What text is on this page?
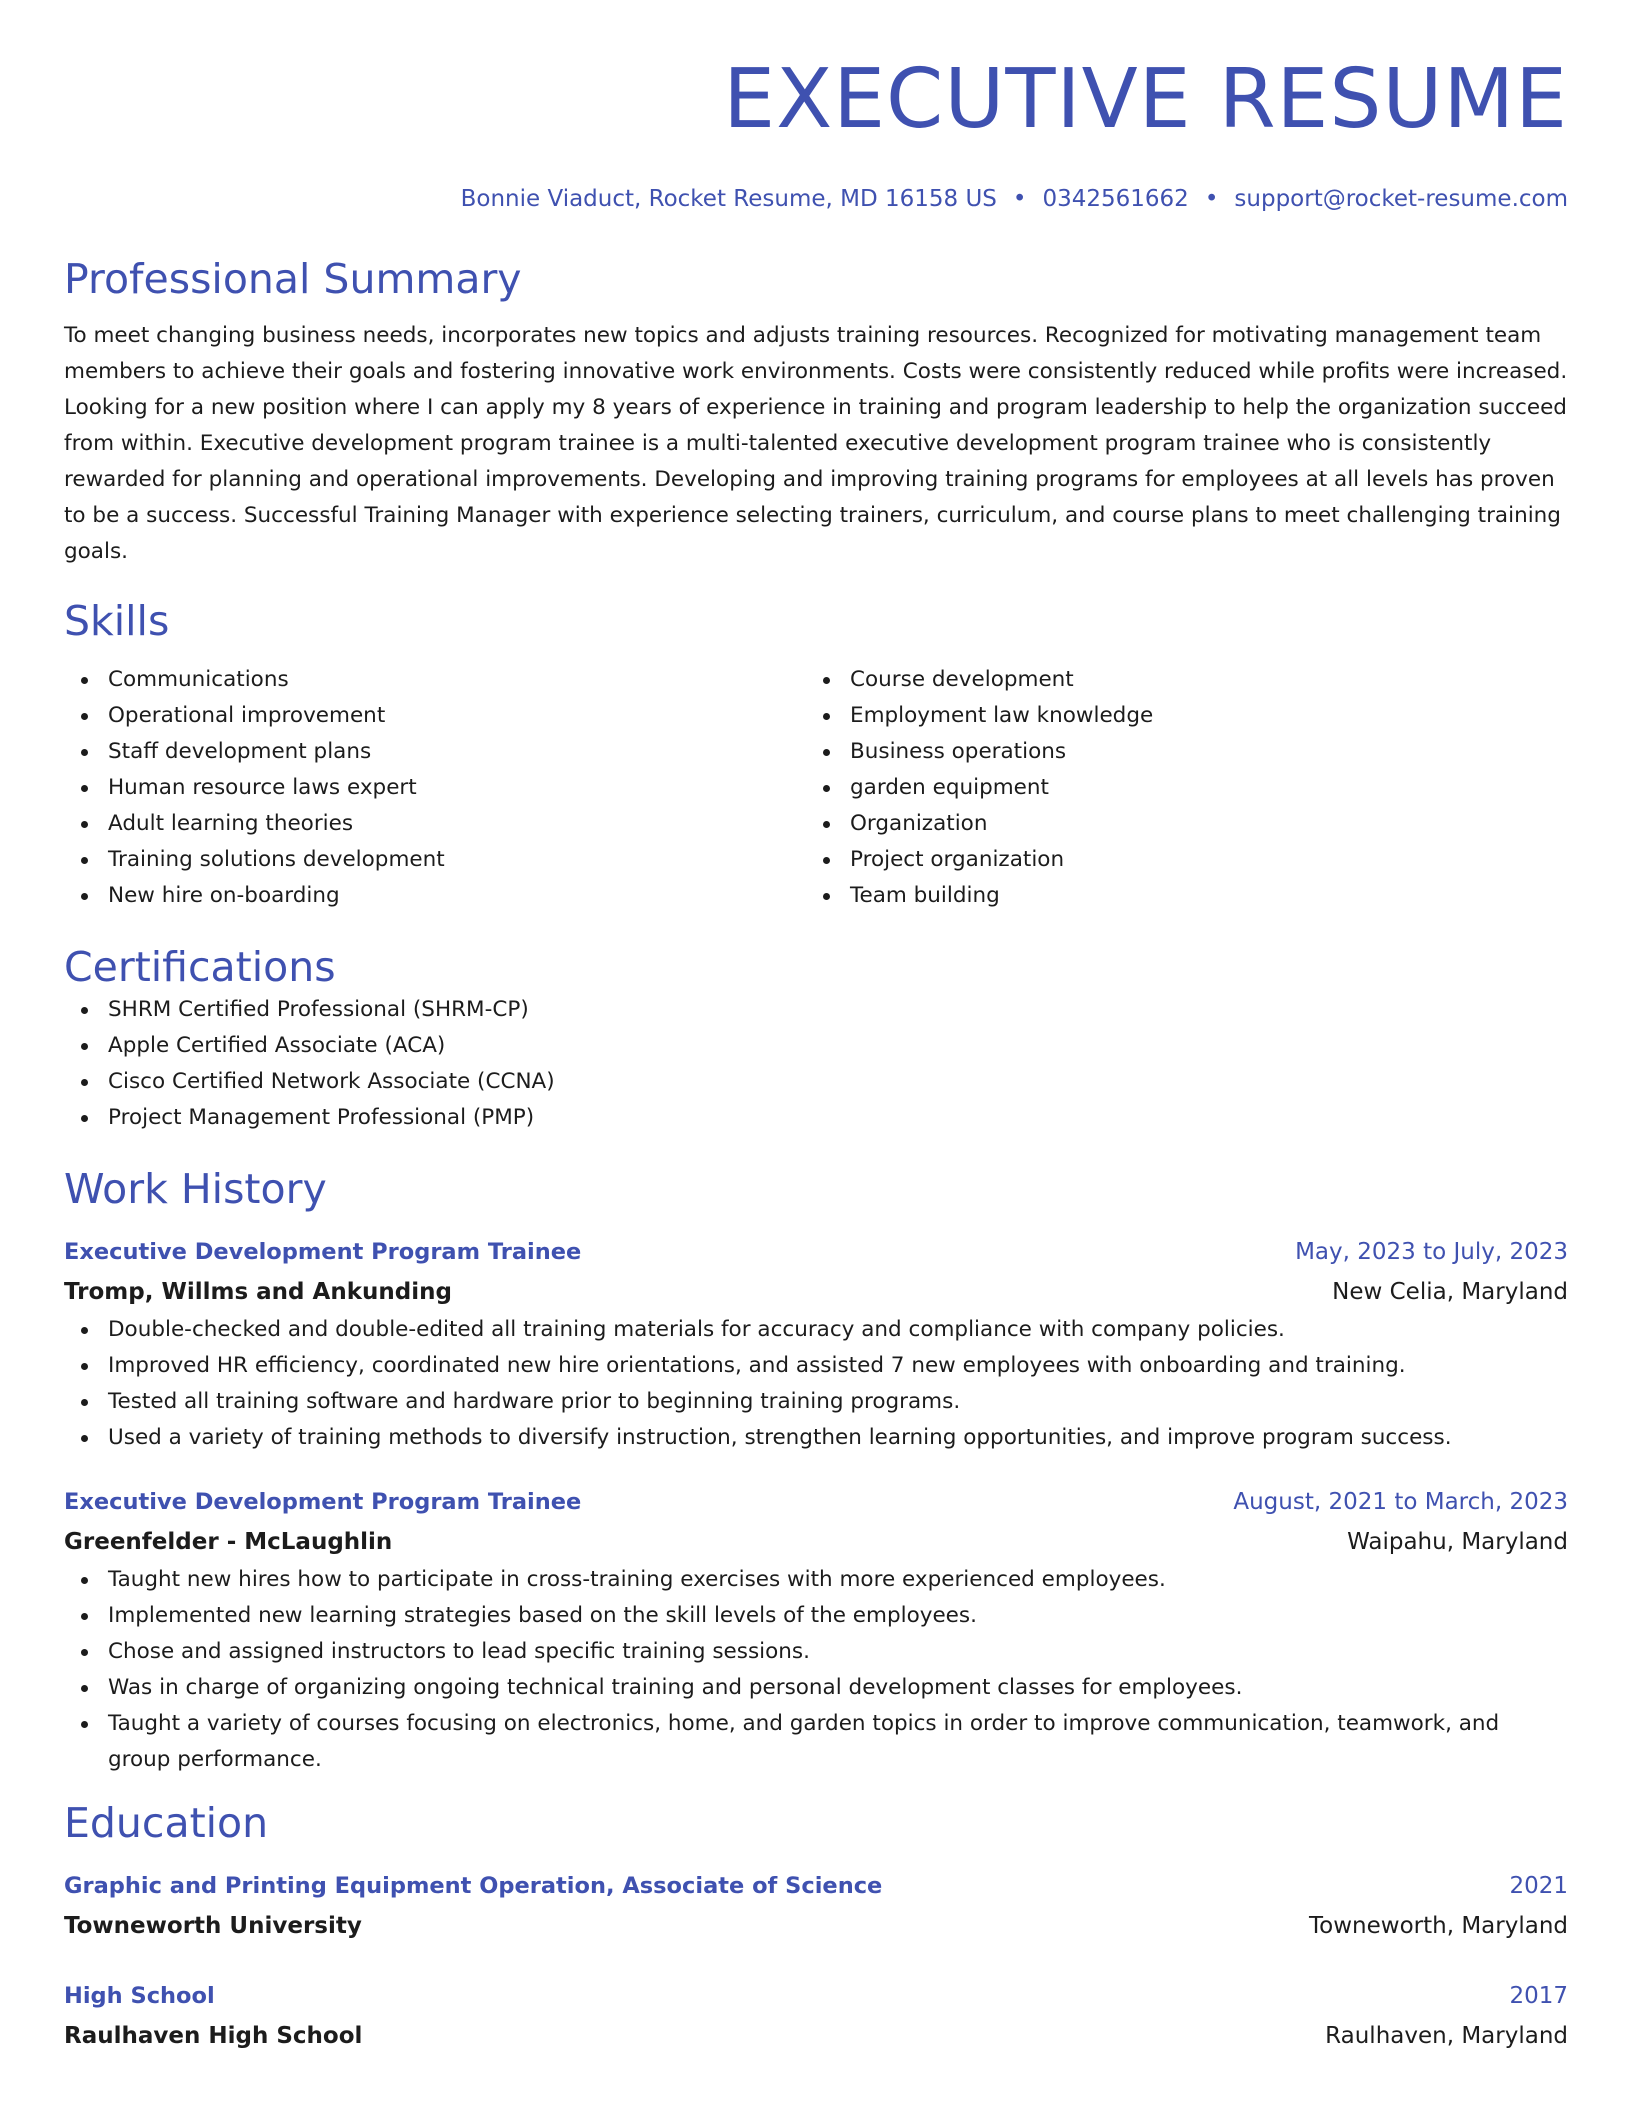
EXECUTIVE RESUME
Bonnie Viaduct, Rocket Resume, MD 16158 US • 0342561662 • support@rocket-resume.com
Professional Summary

To meet changing business needs, incorporates new topics and adjusts training resources. Recognized for motivating management team members to achieve their goals and fostering innovative work environments. Costs were consistently reduced while profits were increased. Looking for a new position where I can apply my 8 years of experience in training and program leadership to help the organization succeed from within. Executive development program trainee is a multi-talented executive development program trainee who is consistently rewarded for planning and operational improvements. Developing and improving training programs for employees at all levels has proven to be a success. Successful Training Manager with experience selecting trainers, curriculum, and course plans to meet challenging training goals.

Skills
Communications
Operational improvement
Staff development plans
Human resource laws expert
Adult learning theories
Training solutions development
New hire on-boarding
Course development
Employment law knowledge
Business operations
garden equipment
Organization
Project organization
Team building
Certifications
SHRM Certified Professional (SHRM-CP)
Apple Certified Associate (ACA)
Cisco Certified Network Associate (CCNA)
Project Management Professional (PMP)
Work History
Executive Development Program Trainee	May, 2023 to July, 2023
Tromp, Willms and Ankunding	New Celia, Maryland
Double-checked and double-edited all training materials for accuracy and compliance with company policies.
Improved HR efficiency, coordinated new hire orientations, and assisted 7 new employees with onboarding and training.
Tested all training software and hardware prior to beginning training programs.
Used a variety of training methods to diversify instruction, strengthen learning opportunities, and improve program success.
Executive Development Program Trainee	August, 2021 to March, 2023
Greenfelder - McLaughlin	Waipahu, Maryland
Taught new hires how to participate in cross-training exercises with more experienced employees.
Implemented new learning strategies based on the skill levels of the employees.
Chose and assigned instructors to lead specific training sessions.
Was in charge of organizing ongoing technical training and personal development classes for employees.
Taught a variety of courses focusing on electronics, home, and garden topics in order to improve communication, teamwork, and group performance.
Education
Graphic and Printing Equipment Operation, Associate of Science	2021
Towneworth University	Towneworth, Maryland
High School	2017
Raulhaven High School	Raulhaven, Maryland
